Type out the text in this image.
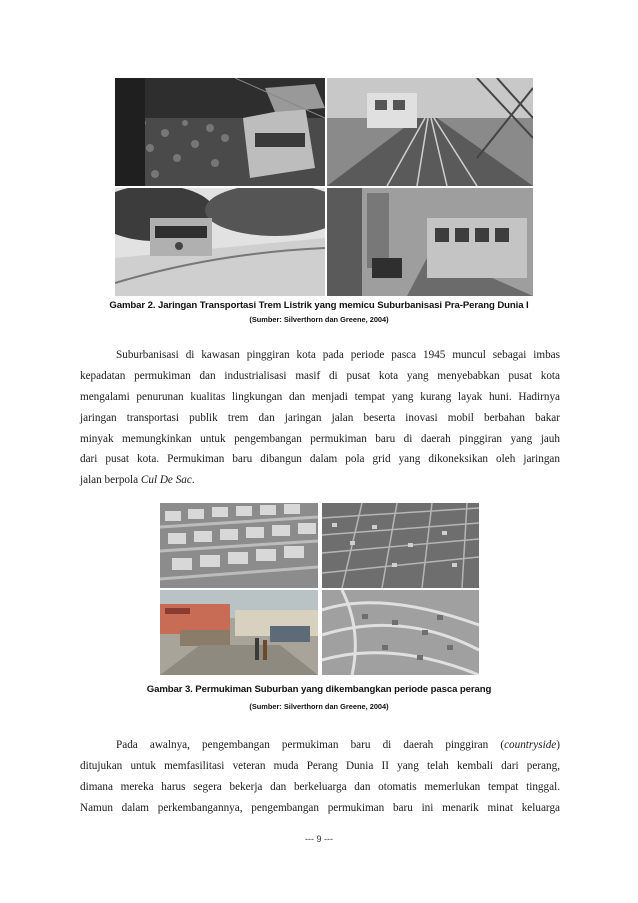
Gambar 2. Jaringan Transportasi Trem Listrik yang memicu Suburbanisasi Pra-Perang Dunia I
(Sumber: Silverthorn dan Greene, 2004)
Suburbanisasi di kawasan pinggiran kota pada periode pasca 1945 muncul sebagai imbas
kepadatan permukiman dan industrialisasi masif di pusat kota yang menyebabkan pusat kota
mengalami penurunan kualitas lingkungan dan menjadi tempat yang kurang layak huni. Hadirnya
jaringan transportasi publik trem dan jaringan jalan beserta inovasi mobil berbahan bakar
minyak memungkinkan untuk pengembangan permukiman baru di daerah pinggiran yang jauh
dari pusat kota. Permukiman baru dibangun dalam pola grid yang dikoneksikan oleh jaringan
jalan berpola Cul De Sac.
Gambar 3. Permukiman Suburban yang dikembangkan periode pasca perang
(Sumber: Silverthorn dan Greene, 2004)
Pada awalnya, pengembangan permukiman baru di daerah pinggiran (countryside)
ditujukan untuk memfasilitasi veteran muda Perang Dunia II yang telah kembali dari perang,
dimana mereka harus segera bekerja dan berkeluarga dan otomatis memerlukan tempat tinggal.
Namun dalam perkembangannya, pengembangan permukiman baru ini menarik minat keluarga
--- 9 ---
